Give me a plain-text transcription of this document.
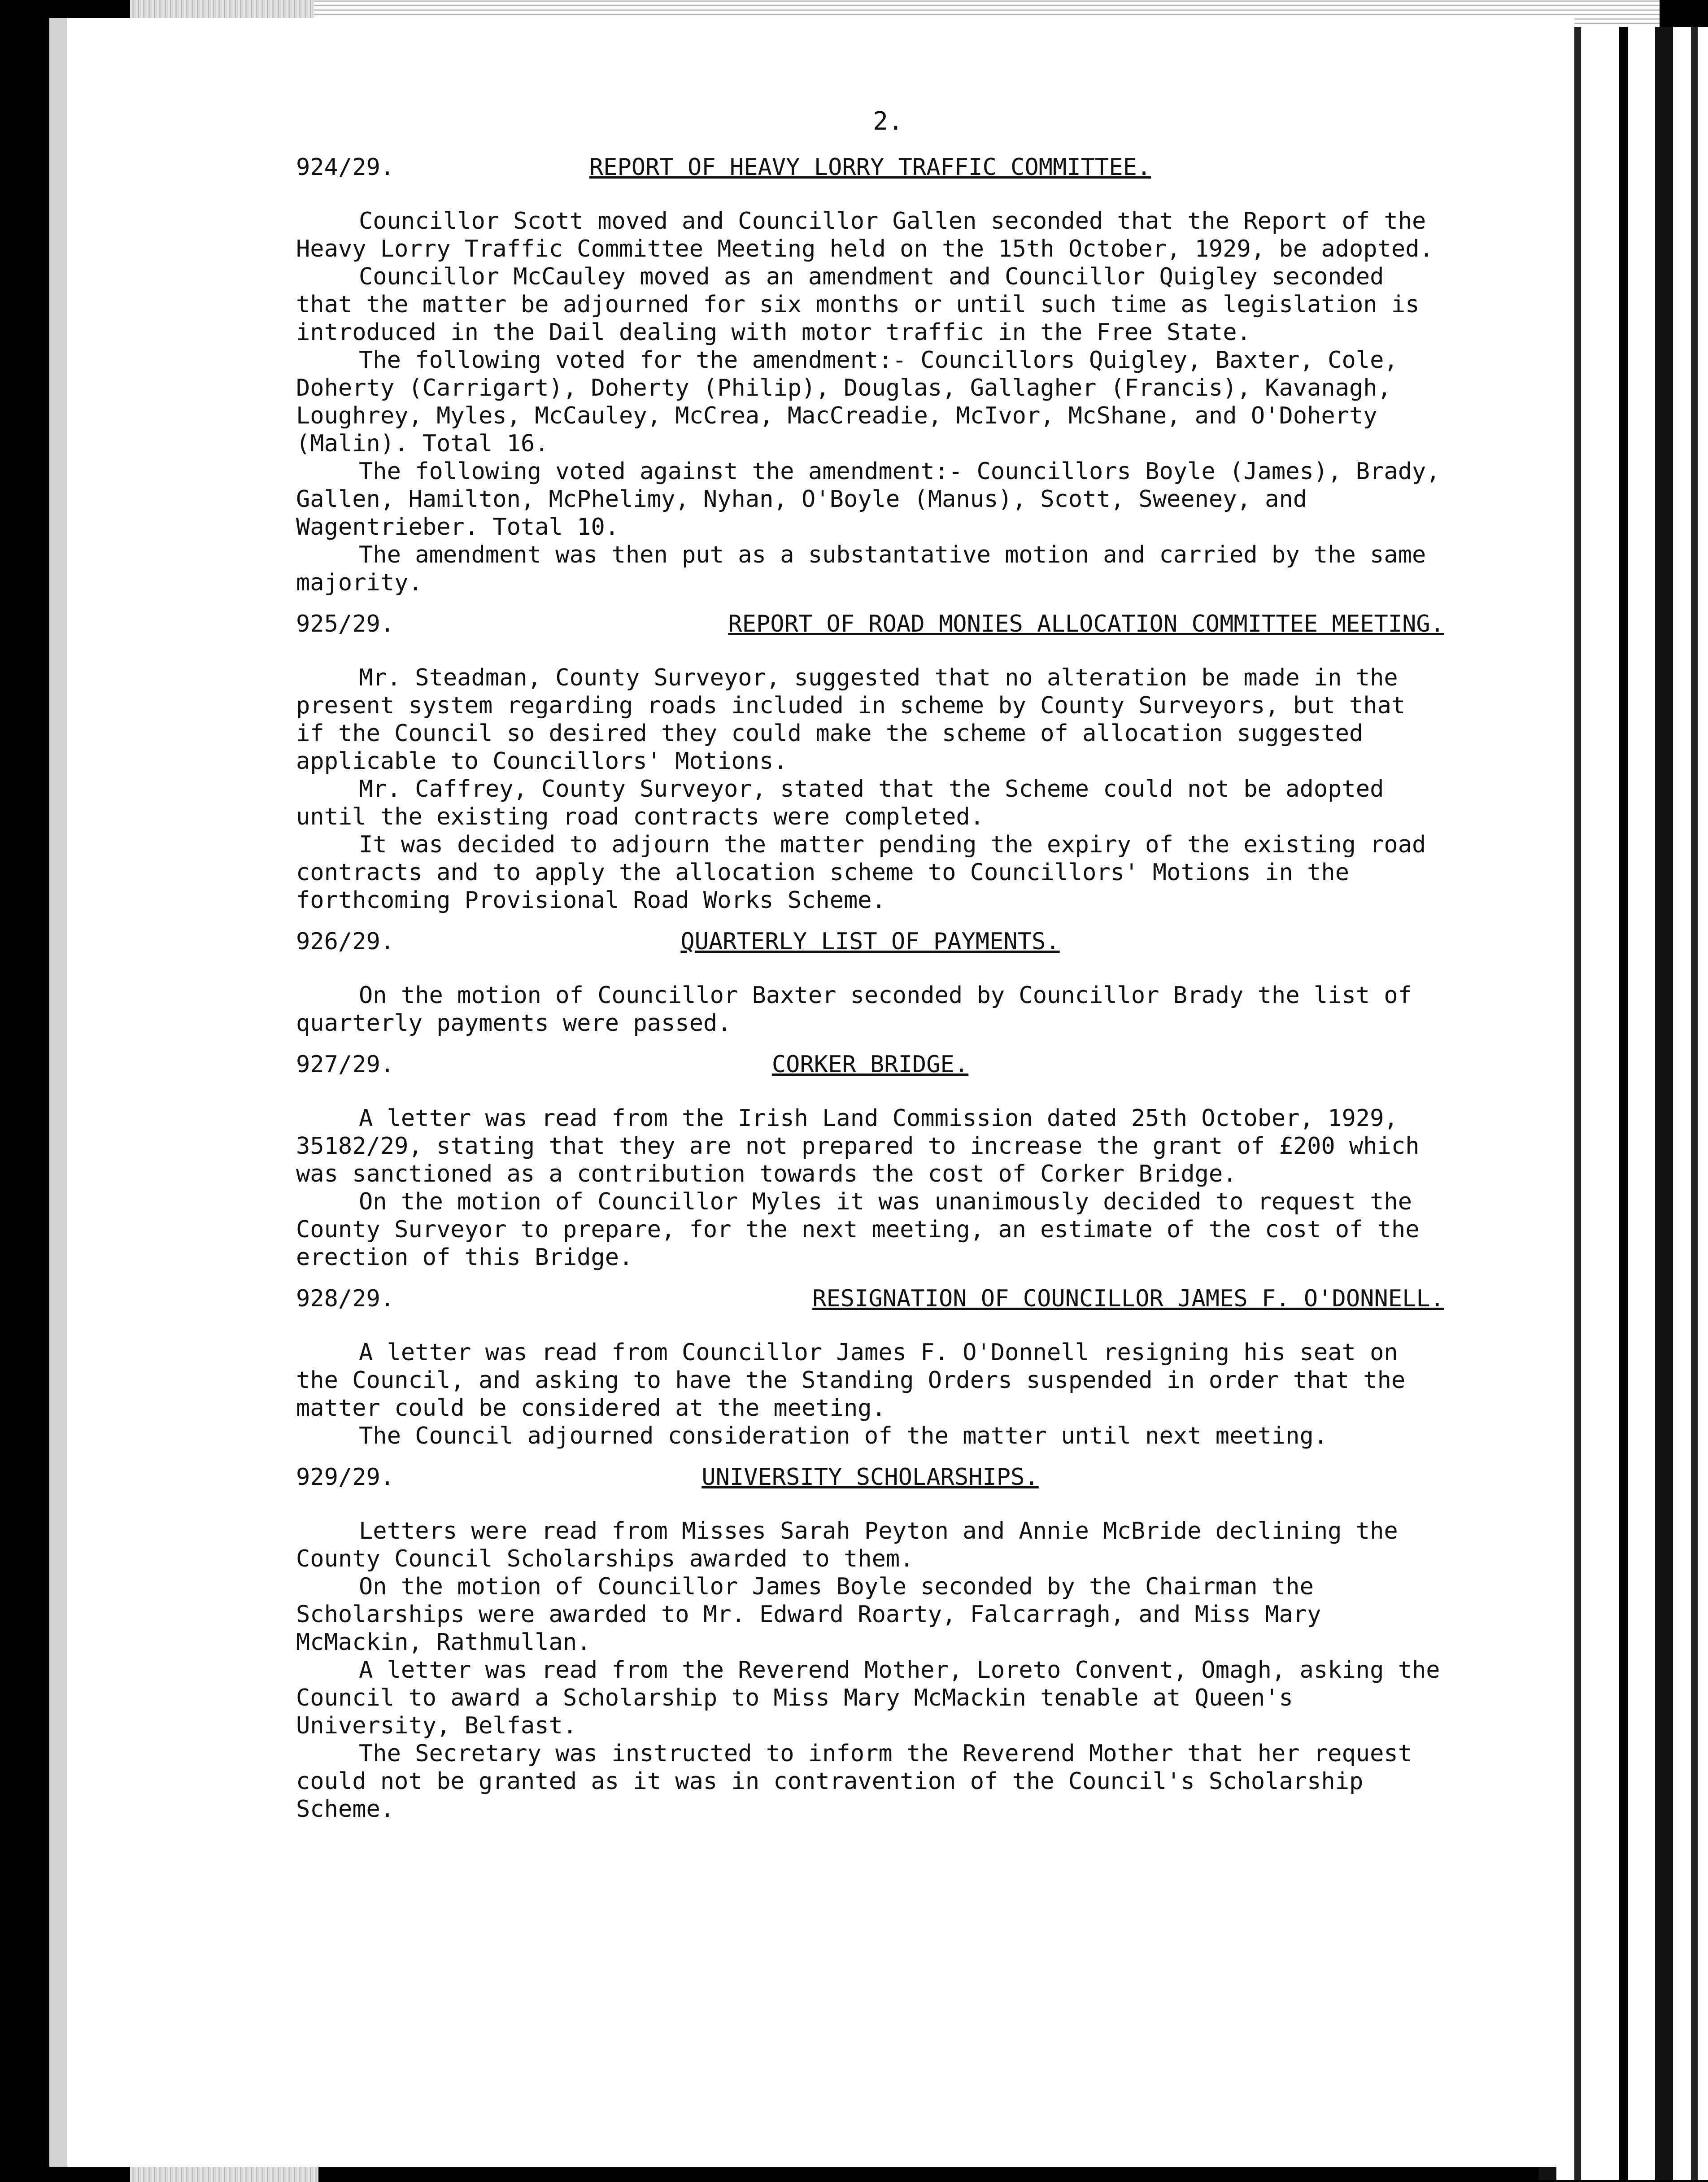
2.
924/29.	REPORT OF HEAVY LORRY TRAFFIC COMMITTEE.

Councillor Scott moved and Councillor Gallen seconded that the Report of the Heavy Lorry Traffic Committee Meeting held on the 15th October, 1929, be adopted.

Councillor McCauley moved as an amendment and Councillor Quigley seconded that the matter be adjourned for six months or until such time as legislation is introduced in the Dail dealing with motor traffic in the Free State.

The following voted for the amendment:- Councillors Quigley, Baxter, Cole, Doherty (Carrigart), Doherty (Philip), Douglas, Gallagher (Francis), Kavanagh, Loughrey, Myles, McCauley, McCrea, MacCreadie, McIvor, McShane, and O'Doherty (Malin). Total 16.

The following voted against the amendment:- Councillors Boyle (James), Brady, Gallen, Hamilton, McPhelimy, Nyhan, O'Boyle (Manus), Scott, Sweeney, and Wagentrieber. Total 10.

The amendment was then put as a substantative motion and carried by the same majority.

925/29.	REPORT OF ROAD MONIES ALLOCATION COMMITTEE MEETING.

Mr. Steadman, County Surveyor, suggested that no alteration be made in the present system regarding roads included in scheme by County Surveyors, but that if the Council so desired they could make the scheme of allocation suggested applicable to Councillors' Motions.

Mr. Caffrey, County Surveyor, stated that the Scheme could not be adopted until the existing road contracts were completed.

It was decided to adjourn the matter pending the expiry of the existing road contracts and to apply the allocation scheme to Councillors' Motions in the forthcoming Provisional Road Works Scheme.

926/29.	QUARTERLY LIST OF PAYMENTS.

On the motion of Councillor Baxter seconded by Councillor Brady the list of quarterly payments were passed.

927/29.	CORKER BRIDGE.

A letter was read from the Irish Land Commission dated 25th October, 1929, 35182/29, stating that they are not prepared to increase the grant of £200 which was sanctioned as a contribution towards the cost of Corker Bridge.

On the motion of Councillor Myles it was unanimously decided to request the County Surveyor to prepare, for the next meeting, an estimate of the cost of the erection of this Bridge.

928/29.	RESIGNATION OF COUNCILLOR JAMES F. O'DONNELL.

A letter was read from Councillor James F. O'Donnell resigning his seat on the Council, and asking to have the Standing Orders suspended in order that the matter could be considered at the meeting.

The Council adjourned consideration of the matter until next meeting.

929/29.	UNIVERSITY SCHOLARSHIPS.

Letters were read from Misses Sarah Peyton and Annie McBride declining the County Council Scholarships awarded to them.

On the motion of Councillor James Boyle seconded by the Chairman the Scholarships were awarded to Mr. Edward Roarty, Falcarragh, and Miss Mary McMackin, Rathmullan.

A letter was read from the Reverend Mother, Loreto Convent, Omagh, asking the Council to award a Scholarship to Miss Mary McMackin tenable at Queen's University, Belfast.

The Secretary was instructed to inform the Reverend Mother that her request could not be granted as it was in contravention of the Council's Scholarship Scheme.
